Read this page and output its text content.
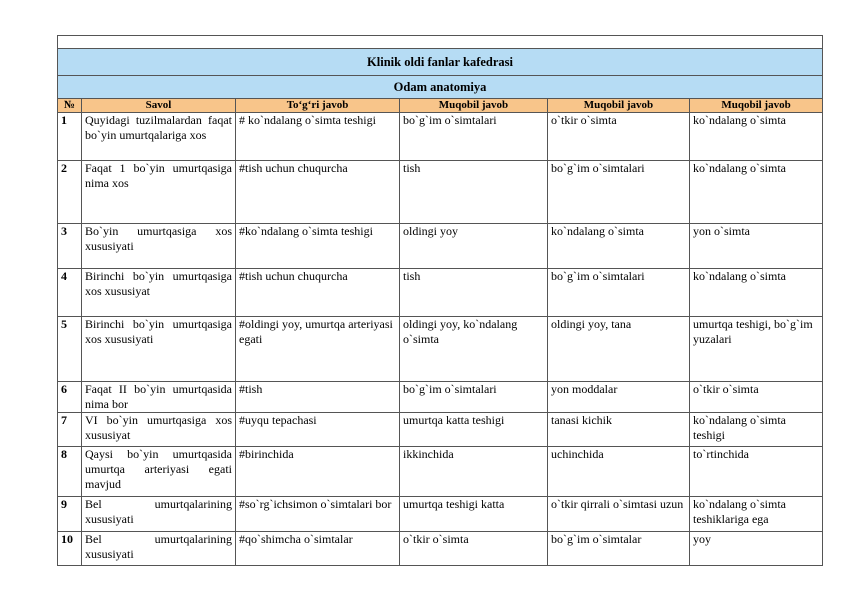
Klinik oldi fanlar kafedrasi					
Odam anatomiya					
№	Savol	To‘g‘ri javob	Muqobil javob	Muqobil javob	Muqobil javob
1	Quyidagi tuzilmalardan faqat bo`yin umurtqalariga xos	# ko`ndalang o`simta teshigi	bo`g`im o`simtalari	o`tkir o`simta	ko`ndalang o`simta
2	Faqat 1 bo`yin umurtqasiga nima xos	#tish uchun chuqurcha	tish	bo`g`im o`simtalari	ko`ndalang o`simta
3	Bo`yin umurtqasiga xos xususiyati	#ko`ndalang o`simta teshigi	oldingi yoy	ko`ndalang o`simta	yon o`simta
4	Birinchi bo`yin umurtqasiga xos xususiyat	#tish uchun chuqurcha	tish	bo`g`im o`simtalari	ko`ndalang o`simta
5	Birinchi bo`yin umurtqasiga xos xususiyati	#oldingi yoy, umurtqa arteriyasi egati	oldingi yoy, ko`ndalang o`simta	oldingi yoy, tana	umurtqa teshigi, bo`g`im yuzalari
6	Faqat II bo`yin umurtqasida nima bor	#tish	bo`g`im o`simtalari	yon moddalar	o`tkir o`simta
7	VI bo`yin umurtqasiga xos xususiyat	#uyqu tepachasi	umurtqa katta teshigi	tanasi kichik	ko`ndalang o`simta teshigi
8	Qaysi bo`yin umurtqasida umurtqa arteriyasi egati mavjud	#birinchida	ikkinchida	uchinchida	to`rtinchida
9	Bel umurtqalarining xususiyati	#so`rg`ichsimon o`simtalari bor	umurtqa teshigi katta	o`tkir qirrali o`simtasi uzun	ko`ndalang o`simta teshiklariga ega
10	Bel umurtqalarining xususiyati	#qo`shimcha o`simtalar	o`tkir o`simta	bo`g`im o`simtalar	yoy
